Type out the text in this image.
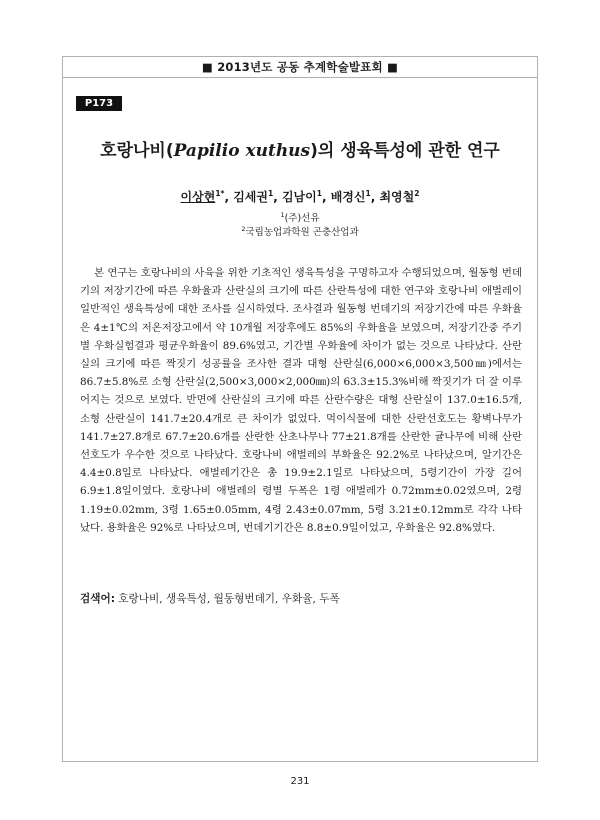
■ 2013년도 공동 추계학술발표회 ■
P173
호랑나비(Papilio xuthus)의 생육특성에 관한 연구
이상현$^{1*}$, 김세권$^1$, 김남이$^1$, 배경신$^1$, 최영철$^2$
$^1$(주)선유
$^2$국립농업과학원 곤충산업과

본 연구는 호랑나비의 사육을 위한 기초적인 생육특성을 구명하고자 수행되었으며, 월동형 번데기의 저장기간에 따른 우화율과 산란실의 크기에 따른 산란특성에 대한 연구와 호랑나비 애벌레이 일반적인 생육특성에 대한 조사를 실시하였다. 조사결과 월동형 번데기의 저장기간에 따른 우화율은 4±1℃의 저온저장고에서 약 10개월 저장후에도 85%의 우화율을 보였으며, 저장기간중 주기별 우화실험결과 평균우화율이 89.6%였고, 기간별 우화율에 차이가 없는 것으로 나타났다. 산란실의 크기에 따른 짝짓기 성공률을 조사한 결과 대형 산란실(6,000×6,000×3,500㎜)에서는 86.7±5.8%로 소형 산란실(2,500×3,000×2,000㎜)의 63.3±15.3%비해 짝짓기가 더 잘 이루어지는 것으로 보였다. 반면에 산란실의 크기에 따른 산란수량은 대형 산란실이 137.0±16.5개, 소형 산란실이 141.7±20.4개로 큰 차이가 없었다. 먹이식물에 대한 산란선호도는 황벽나무가 141.7±27.8개로 67.7±20.6개를 산란한 산초나무나 77±21.8개를 산란한 귤나무에 비해 산란선호도가 우수한 것으로 나타났다. 호랑나비 애벌레의 부화율은 92.2%로 나타났으며, 알기간은 4.4±0.8일로 나타났다. 애벌레기간은 총 19.9±2.1일로 나타났으며, 5령기간이 가장 길어 6.9±1.8일이였다. 호랑나비 애벌레의 령별 두폭은 1령 애벌레가 0.72mm±0.02였으며, 2령 1.19±0.02mm, 3령 1.65±0.05mm, 4령 2.43±0.07mm, 5령 3.21±0.12mm로 각각 나타났다. 용화율은 92%로 나타났으며, 번데기기간은 8.8±0.9일이었고, 우화율은 92.8%였다.

검색어: 호랑나비, 생육특성, 월동형번데기, 우화율, 두폭
231
